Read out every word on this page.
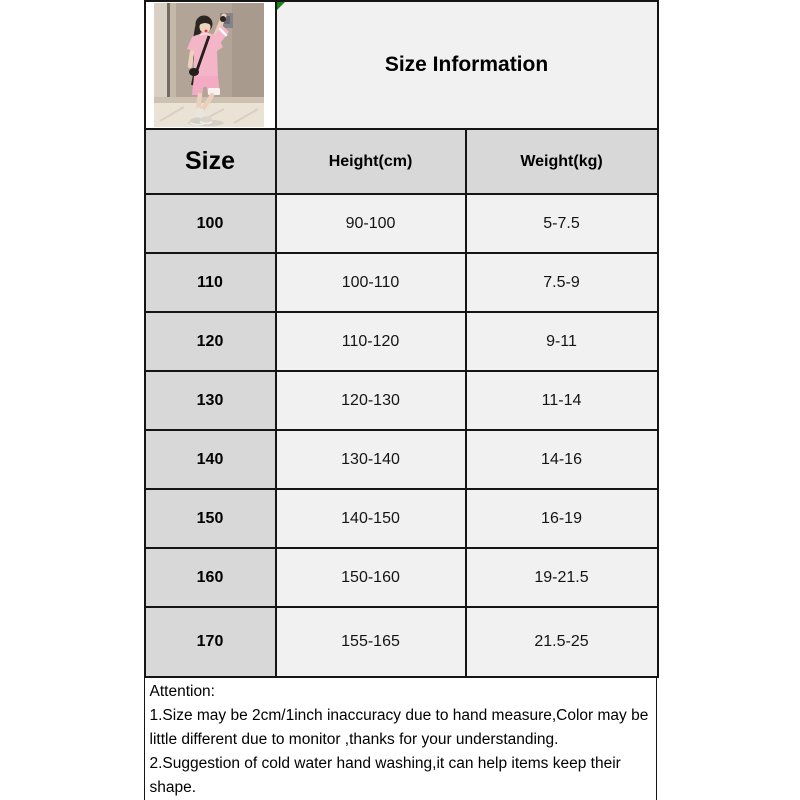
Size Information	
Size	Height(cm)	Weight(kg)
100	90-100	5-7.5
110	100-110	7.5-9
120	110-120	9-11
130	120-130	11-14
140	130-140	14-16
150	140-150	16-19
160	150-160	19-21.5
170	155-165	21.5-25
Attention:
1.Size may be 2cm/1inch inaccuracy due to hand measure,Color may be little different due to monitor ,thanks for your understanding.
2.Suggestion of cold water hand washing,it can help items keep their shape.
